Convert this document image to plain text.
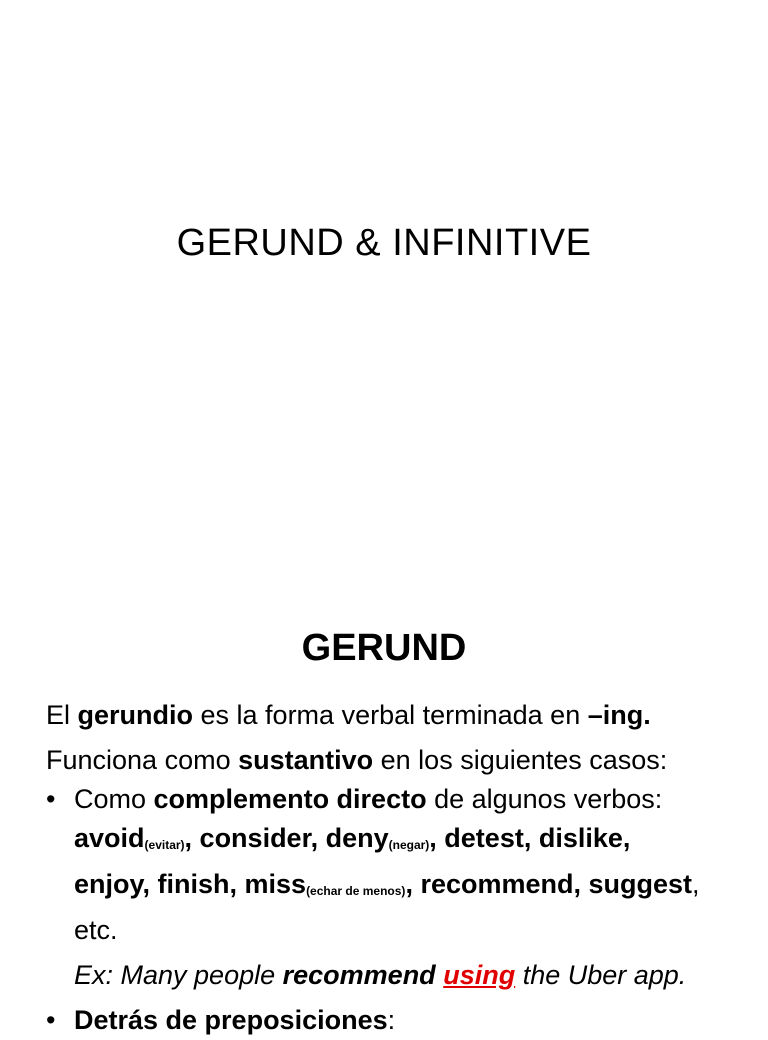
GERUND & INFINITIVE
GERUND
El gerundio es la forma verbal terminada en –ing.
Funciona como sustantivo en los siguientes casos:
• Como complemento directo de algunos verbos:
avoid$_{(evitar)}$, consider, deny$_{(negar)}$, detest, dislike,
enjoy, finish, miss$_{(echar de menos)}$, recommend, suggest,
etc.
Ex: Many people recommend using the Uber app.
• Detrás de preposiciones:
